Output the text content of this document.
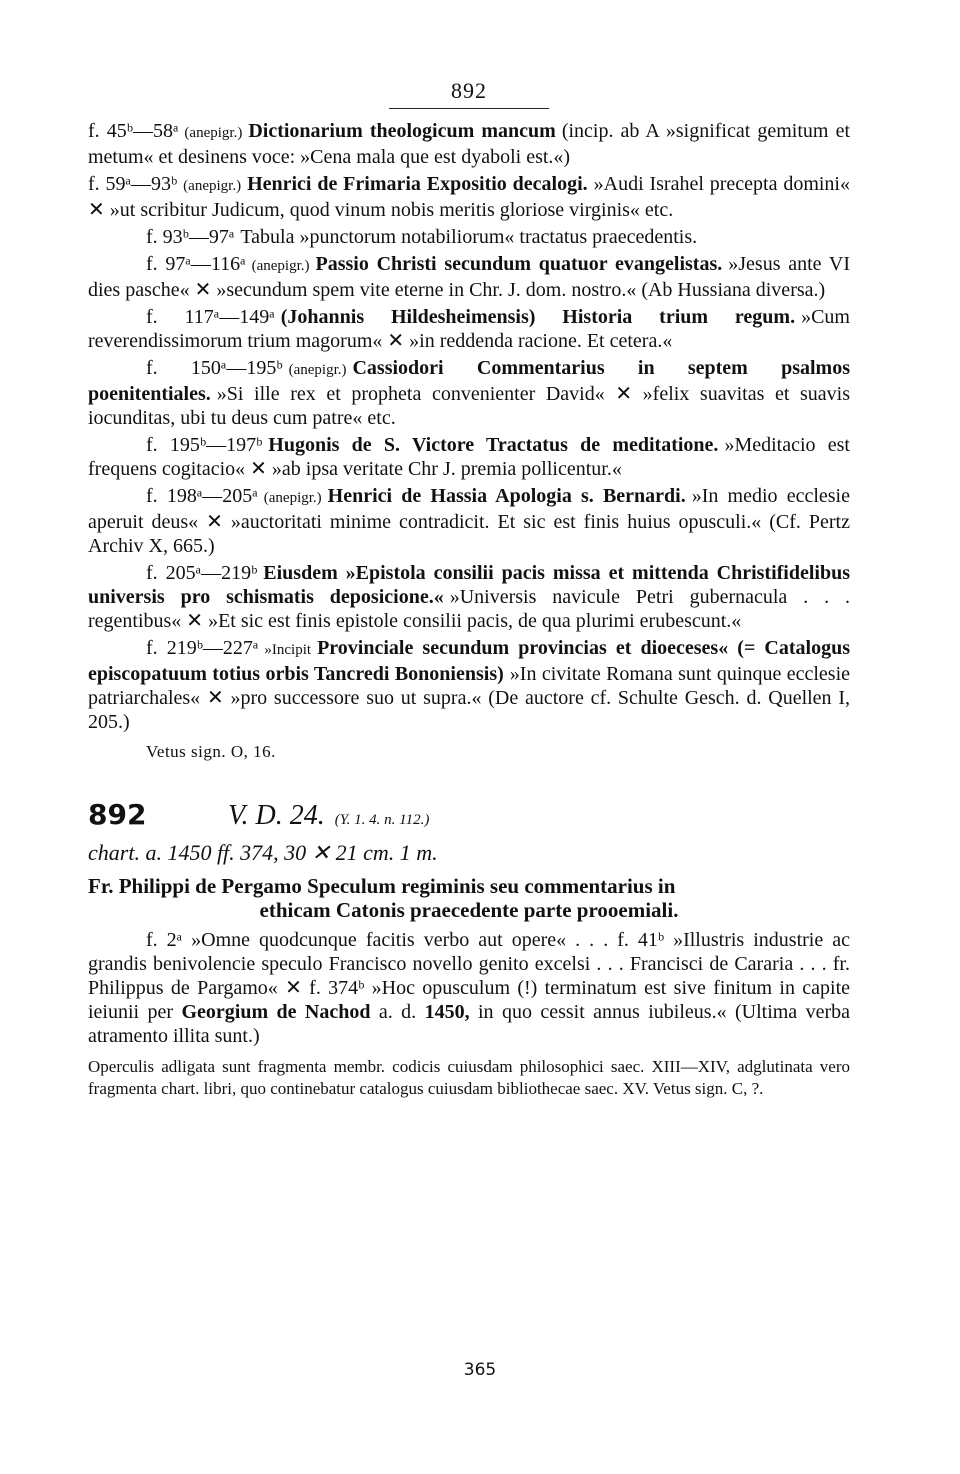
892

f. 45ᵇ—58ᵃ (anepigr.) Dictionarium theologicum mancum (incip. ab A »significat gemitum et metum« et desinens voce: »Cena mala que est dyaboli est.«)

f. 59ᵃ—93ᵇ (anepigr.) Henrici de Frimaria Expositio decalogi. »Audi Israhel precepta domini« ✕ »ut scribitur Judicum, quod vinum nobis meritis gloriose virginis« etc.

f. 93ᵇ—97ᵃ Tabula »punctorum notabiliorum« tractatus praecedentis.

f. 97ᵃ—116ᵃ (anepigr.) Passio Christi secundum quatuor evangelistas. »Jesus ante VI dies pasche« ✕ »secundum spem vite eterne in Chr. J. dom. nostro.« (Ab Hussiana diversa.)

f. 117ᵃ—149ᵃ (Johannis Hildesheimensis) Historia trium regum. »Cum reverendissimorum trium magorum« ✕ »in reddenda racione. Et cetera.«

f. 150ᵃ—195ᵇ (anepigr.) Cassiodori Commentarius in septem psalmos poenitentiales. »Si ille rex et propheta convenienter David« ✕ »felix suavitas et suavis iocunditas, ubi tu deus cum patre« etc.

f. 195ᵇ—197ᵇ Hugonis de S. Victore Tractatus de meditatione. »Meditacio est frequens cogitacio« ✕ »ab ipsa veritate Chr J. premia pollicentur.«

f. 198ᵃ—205ᵃ (anepigr.) Henrici de Hassia Apologia s. Bernardi. »In medio ecclesie aperuit deus« ✕ »auctoritati minime contradicit. Et sic est finis huius opusculi.« (Cf. Pertz Archiv X, 665.)

f. 205ᵃ—219ᵇ Eiusdem »Epistola consilii pacis missa et mittenda Christifidelibus universis pro schismatis deposicione.« »Universis navicule Petri gubernacula . . . regentibus« ✕ »Et sic est finis epistole consilii pacis, de qua plurimi erubescunt.«

f. 219ᵇ—227ᵃ »Incipit Provinciale secundum provincias et dioeceses« (= Catalogus episcopatuum totius orbis Tancredi Bononiensis) »In civitate Romana sunt quinque ecclesie patriarchales« ✕ »pro successore suo ut supra.« (De auctore cf. Schulte Gesch. d. Quellen I, 205.)

Vetus sign. O, 16.
892	V. D. 24. (Y. 1. 4. n. 112.)
chart. a. 1450 ff. 374, 30 ✕ 21 cm. 1 m.
Fr. Philippi de Pergamo Speculum regiminis seu commentarius in
ethicam Catonis praecedente parte prooemiali.

f. 2ᵃ »Omne quodcunque facitis verbo aut opere« . . . f. 41ᵇ »Illustris industrie ac grandis benivolencie speculo Francisco novello genito excelsi . . . Francisci de Cararia . . . fr. Philippus de Pargamo« ✕ f. 374ᵇ »Hoc opusculum (!) terminatum est sive finitum in capite ieiunii per Georgium de Nachod a. d. 1450, in quo cessit annus iubileus.« (Ultima verba atramento illita sunt.)

Operculis adligata sunt fragmenta membr. codicis cuiusdam philosophici saec. XIII—XIV, adglutinata vero fragmenta chart. libri, quo continebatur catalogus cuiusdam bibliothecae saec. XV. Vetus sign. C, ?.
365
